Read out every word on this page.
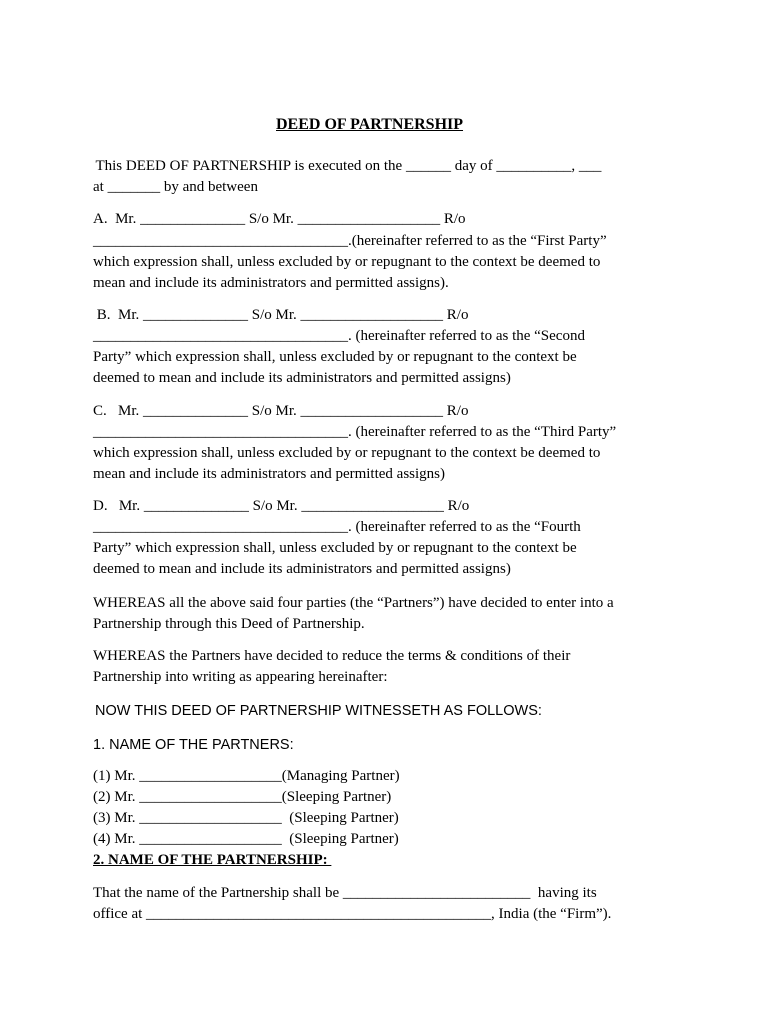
DEED OF PARTNERSHIP
This DEED OF PARTNERSHIP is executed on the ______ day of __________, ___
at _______ by and between
A.  Mr. ______________ S/o Mr. ___________________ R/o
__________________________________.(hereinafter referred to as the “First Party”
which expression shall, unless excluded by or repugnant to the context be deemed to
mean and include its administrators and permitted assigns).
B.  Mr. ______________ S/o Mr. ___________________ R/o
__________________________________. (hereinafter referred to as the “Second
Party” which expression shall, unless excluded by or repugnant to the context be
deemed to mean and include its administrators and permitted assigns)
C.   Mr. ______________ S/o Mr. ___________________ R/o
__________________________________. (hereinafter referred to as the “Third Party”
which expression shall, unless excluded by or repugnant to the context be deemed to
mean and include its administrators and permitted assigns)
D.   Mr. ______________ S/o Mr. ___________________ R/o
__________________________________. (hereinafter referred to as the “Fourth
Party” which expression shall, unless excluded by or repugnant to the context be
deemed to mean and include its administrators and permitted assigns)
WHEREAS all the above said four parties (the “Partners”) have decided to enter into a
Partnership through this Deed of Partnership.
WHEREAS the Partners have decided to reduce the terms & conditions of their
Partnership into writing as appearing hereinafter:
NOW THIS DEED OF PARTNERSHIP WITNESSETH AS FOLLOWS:
1. NAME OF THE PARTNERS:
(1) Mr. ___________________(Managing Partner)
(2) Mr. ___________________(Sleeping Partner)
(3) Mr. ___________________  (Sleeping Partner)
(4) Mr. ___________________  (Sleeping Partner)
2. NAME OF THE PARTNERSHIP:
That the name of the Partnership shall be _________________________  having its
office at ______________________________________________, India (the “Firm”).
